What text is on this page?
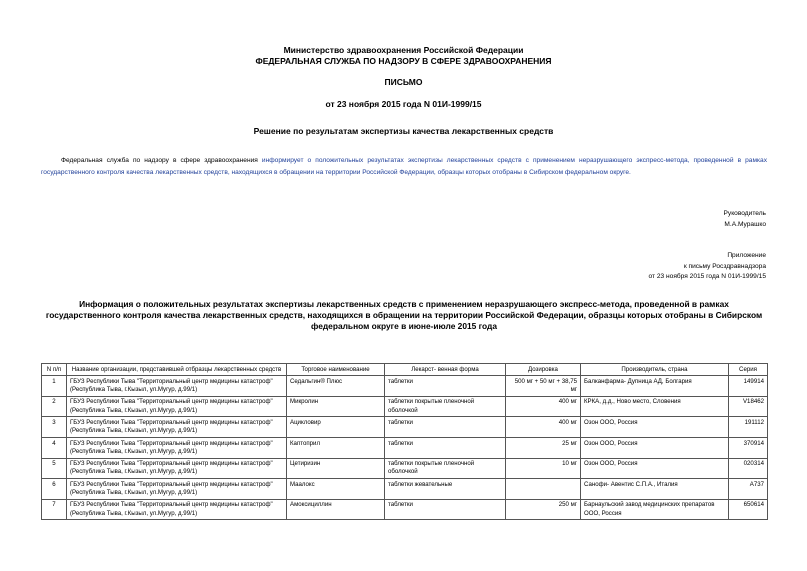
Министерство здравоохранения Российской Федерации
ФЕДЕРАЛЬНАЯ СЛУЖБА ПО НАДЗОРУ В СФЕРЕ ЗДРАВООХРАНЕНИЯ
ПИСЬМО
от 23 ноября 2015 года N 01И-1999/15
Решение по результатам экспертизы качества лекарственных средств
Федеральная служба по надзору в сфере здравоохранения информирует о положительных результатах экспертизы лекарственных средств с применением неразрушающего экспресс-метода, проведенной в рамках государственного контроля качества лекарственных средств, находящихся в обращении на территории Российской Федерации, образцы которых отобраны в Сибирском федеральном округе.
Руководитель
М.А.Мурашко
Приложение
к письму Росздравнадзора
от 23 ноября 2015 года N 01И-1999/15
Информация о положительных результатах экспертизы лекарственных средств с применением неразрушающего экспресс-метода, проведенной в рамках государственного контроля качества лекарственных средств, находящихся в обращении на территории Российской Федерации, образцы которых отобраны в Сибирском федеральном округе в июне-июле 2015 года
N п/п	Название организации, представившей отбразцы лекарственных средств	Торговое наименование	Лекарст- венная форма	Дозировка	Производитель, страна	Серия
1	ГБУЗ Республики Тыва "Территориальный центр медицины катастроф" (Республика Тыва, г.Кызыл, ул.Мугур, д.99/1)	Седальгин® Плюс	таблетки	500 мг + 50 мг + 38,75 мг	Балканфарма- Дупница АД, Болгария	149914
2	ГБУЗ Республики Тыва "Территориальный центр медицины катастроф" (Республика Тыва, г.Кызыл, ул.Мугур, д.99/1)	Микролин	таблетки покрытые пленочной оболочкой	400 мг	КРКА, д.д., Ново место, Словения	V18462
3	ГБУЗ Республики Тыва "Территориальный центр медицины катастроф" (Республика Тыва, г.Кызыл, ул.Мугур, д.99/1)	Ацикловир	таблетки	400 мг	Озон ООО, Россия	191112
4	ГБУЗ Республики Тыва "Территориальный центр медицины катастроф" (Республика Тыва, г.Кызыл, ул.Мугур, д.99/1)	Каптоприл	таблетки	25 мг	Озон ООО, Россия	370914
5	ГБУЗ Республики Тыва "Территориальный центр медицины катастроф" (Республика Тыва, г.Кызыл, ул.Мугур, д.99/1)	Цетиризин	таблетки покрытые пленочной оболочкой	10 мг	Озон ООО, Россия	020314
6	ГБУЗ Республики Тыва "Территориальный центр медицины катастроф" (Республика Тыва, г.Кызыл, ул.Мугур, д.99/1)	Маалокс	таблетки жевательные		Санофи- Авентис С.П.А., Италия	A737
7	ГБУЗ Республики Тыва "Территориальный центр медицины катастроф" (Республика Тыва, г.Кызыл, ул.Мугур, д.99/1)	Амоксициллин	таблетки	250 мг	Барнаульский завод медицинских препаратов ООО, Россия	650614
